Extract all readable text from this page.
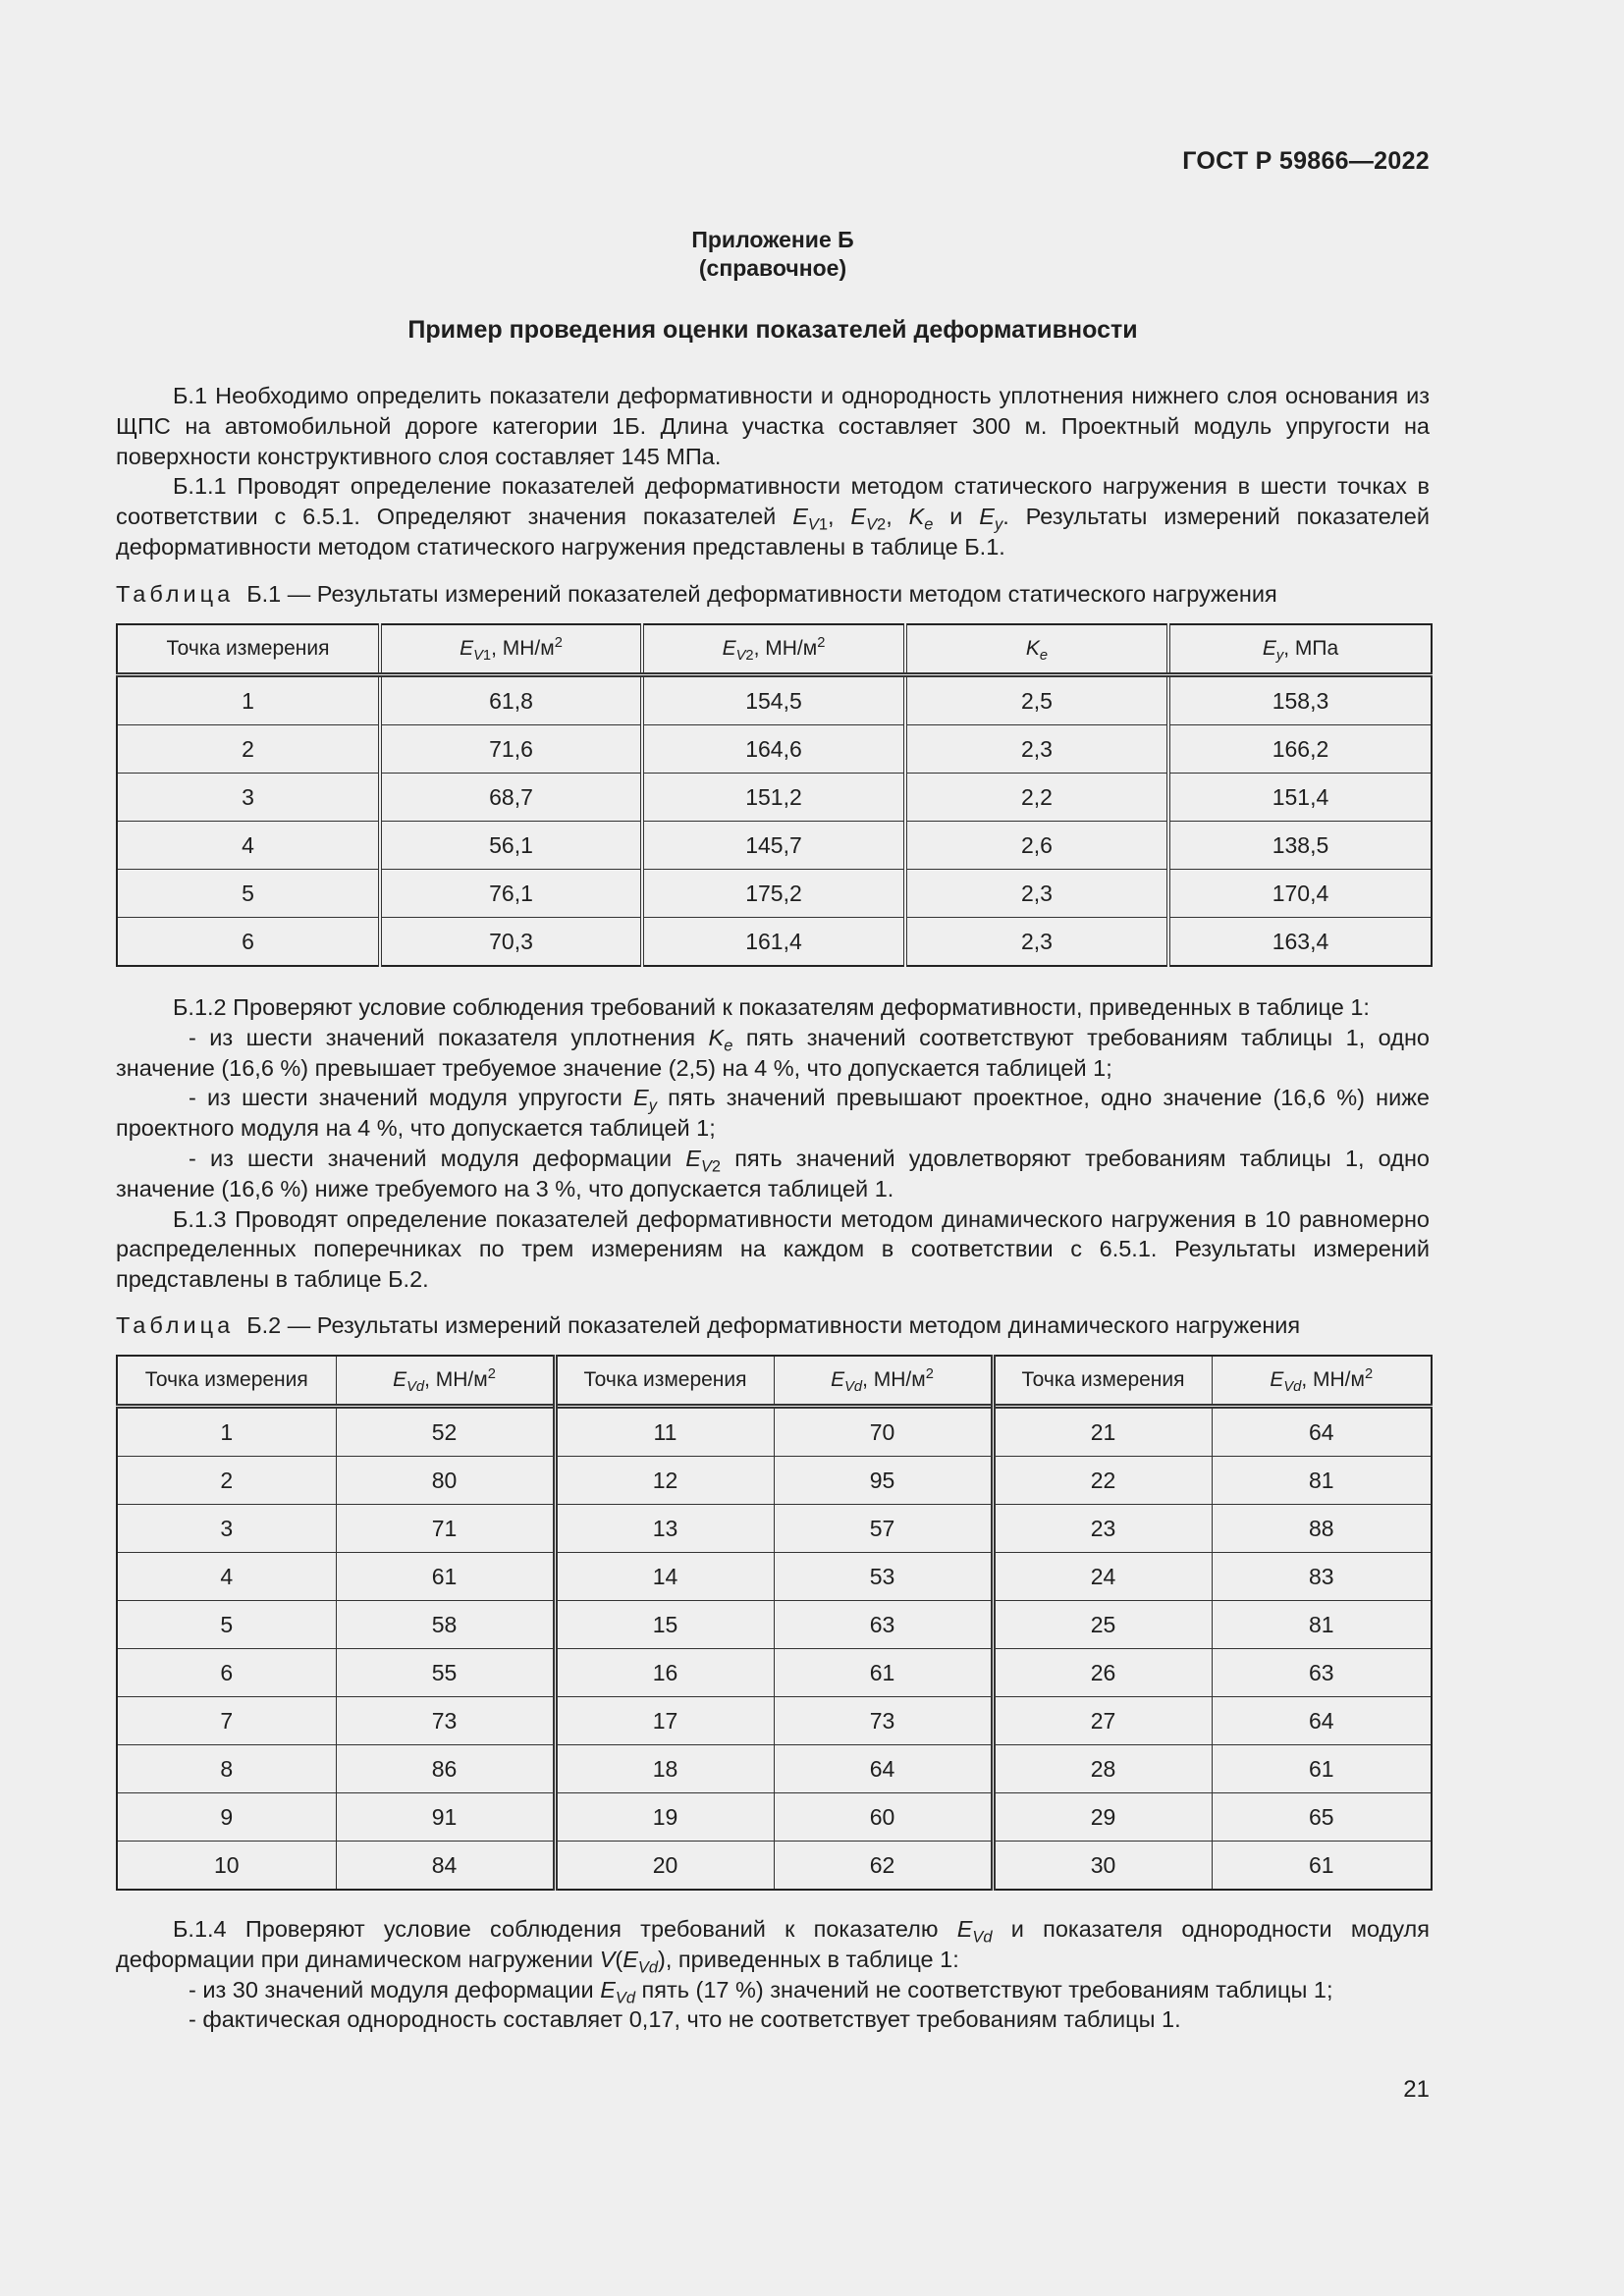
ГОСТ Р 59866—2022
Приложение Б
(справочное)
Пример проведения оценки показателей деформативности

Б.1 Необходимо определить показатели деформативности и однородность уплотнения нижнего слоя основания из ЩПС на автомобильной дороге категории 1Б. Длина участка составляет 300 м. Проектный модуль упругости на поверхности конструктивного слоя составляет 145 МПа.

Б.1.1 Проводят определение показателей деформативности методом статического нагружения в шести точках в соответствии с 6.5.1. Определяют значения показателей $E_{V1}$, $E_{V2}$, $K_e$ и $E_y$. Результаты измерений показателей деформативности методом статического нагружения представлены в таблице Б.1.

Таблица Б.1 — Результаты измерений показателей деформативности методом статического нагружения
Точка измерения	$E_{V1}$, $МН/м^2$	$E_{V2}$, $МН/м^2$	$K_e$	$E_y$, МПа
1	61,8	154,5	2,5	158,3
2	71,6	164,6	2,3	166,2
3	68,7	151,2	2,2	151,4
4	56,1	145,7	2,6	138,5
5	76,1	175,2	2,3	170,4
6	70,3	161,4	2,3	163,4

Б.1.2 Проверяют условие соблюдения требований к показателям деформативности, приведенных в таблице 1:

- из шести значений показателя уплотнения $K_e$ пять значений соответствуют требованиям таблицы 1, одно значение (16,6 %) превышает требуемое значение (2,5) на 4 %, что допускается таблицей 1;

- из шести значений модуля упругости $E_y$ пять значений превышают проектное, одно значение (16,6 %) ниже проектного модуля на 4 %, что допускается таблицей 1;

- из шести значений модуля деформации $E_{V2}$ пять значений удовлетворяют требованиям таблицы 1, одно значение (16,6 %) ниже требуемого на 3 %, что допускается таблицей 1.

Б.1.3 Проводят определение показателей деформативности методом динамического нагружения в 10 равномерно распределенных поперечниках по трем измерениям на каждом в соответствии с 6.5.1. Результаты измерений представлены в таблице Б.2.

Таблица Б.2 — Результаты измерений показателей деформативности методом динамического нагружения
Точка измерения	$E_{Vd}$, $МН/м^2$	Точка измерения	$E_{Vd}$, $МН/м^2$	Точка измерения	$E_{Vd}$, $МН/м^2$
1	52	11	70	21	64
2	80	12	95	22	81
3	71	13	57	23	88
4	61	14	53	24	83
5	58	15	63	25	81
6	55	16	61	26	63
7	73	17	73	27	64
8	86	18	64	28	61
9	91	19	60	29	65
10	84	20	62	30	61

Б.1.4 Проверяют условие соблюдения требований к показателю $E_{Vd}$ и показателя однородности модуля деформации при динамическом нагружении $V(E_{Vd})$, приведенных в таблице 1:

- из 30 значений модуля деформации $E_{Vd}$ пять (17 %) значений не соответствуют требованиям таблицы 1;

- фактическая однородность составляет 0,17, что не соответствует требованиям таблицы 1.

21
